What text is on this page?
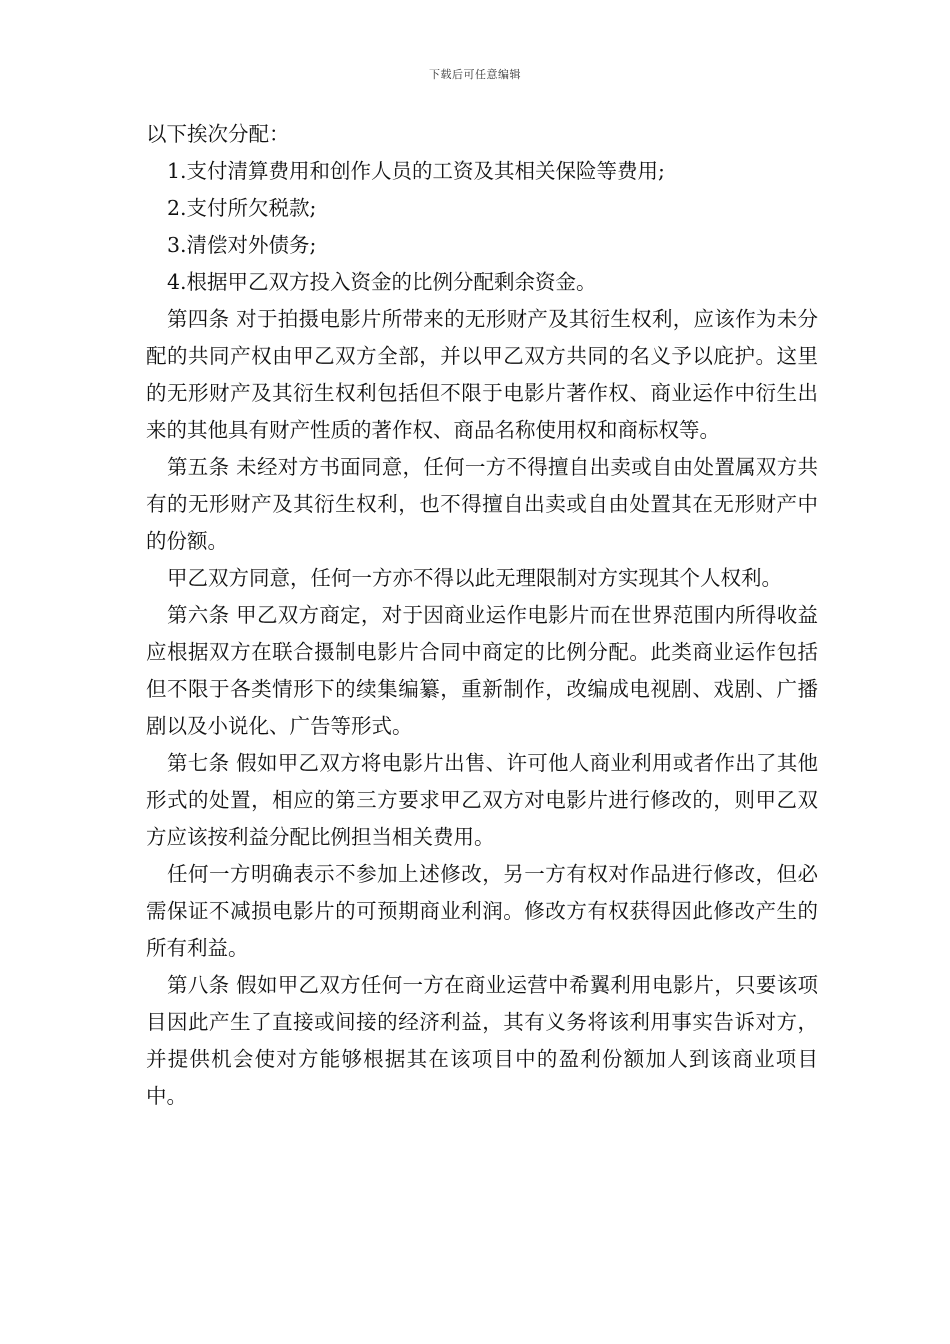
下载后可任意编辑

以下挨次分配：

1.支付清算费用和创作人员的工资及其相关保险等费用;

2.支付所欠税款;

3.清偿对外债务;

4.根据甲乙双方投入资金的比例分配剩余资金。

第四条 对于拍摄电影片所带来的无形财产及其衍生权利，应该作为未分配的共同产权由甲乙双方全部，并以甲乙双方共同的名义予以庇护。这里的无形财产及其衍生权利包括但不限于电影片著作权、商业运作中衍生出来的其他具有财产性质的著作权、商品名称使用权和商标权等。

第五条 未经对方书面同意，任何一方不得擅自出卖或自由处置属双方共有的无形财产及其衍生权利，也不得擅自出卖或自由处置其在无形财产中的份额。

甲乙双方同意，任何一方亦不得以此无理限制对方实现其个人权利。

第六条 甲乙双方商定，对于因商业运作电影片而在世界范围内所得收益应根据双方在联合摄制电影片合同中商定的比例分配。此类商业运作包括但不限于各类情形下的续集编纂，重新制作，改编成电视剧、戏剧、广播剧以及小说化、广告等形式。

第七条 假如甲乙双方将电影片出售、许可他人商业利用或者作出了其他形式的处置，相应的第三方要求甲乙双方对电影片进行修改的，则甲乙双方应该按利益分配比例担当相关费用。

任何一方明确表示不参加上述修改，另一方有权对作品进行修改，但必需保证不减损电影片的可预期商业利润。修改方有权获得因此修改产生的所有利益。

第八条 假如甲乙双方任何一方在商业运营中希翼利用电影片，只要该项目因此产生了直接或间接的经济利益，其有义务将该利用事实告诉对方，并提供机会使对方能够根据其在该项目中的盈利份额加人到该商业项目中。
